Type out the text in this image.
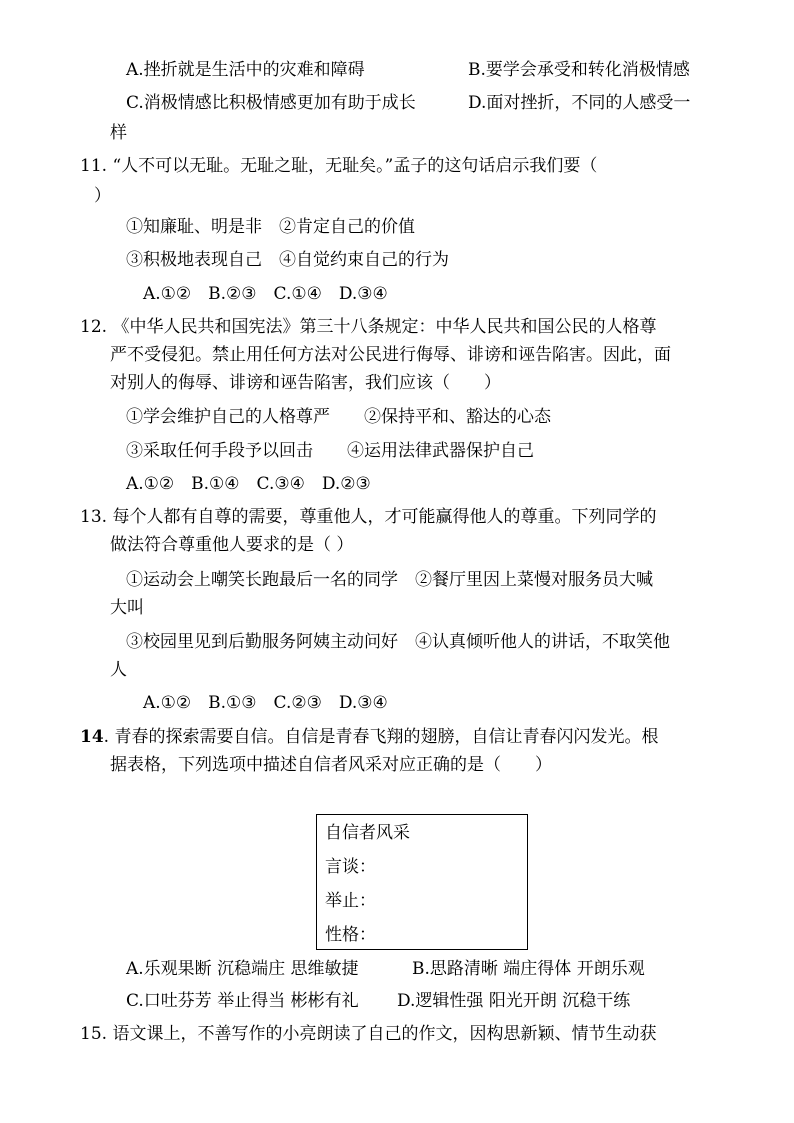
A.挫折就是生活中的灾难和障碍	B.要学会承受和转化消极情感
C.消极情感比积极情感更加有助于成长	D.面对挫折，不同的人感受一
样
11. “人不可以无耻。无耻之耻，无耻矣。”孟子的这句话启示我们要（
）
①知廉耻、明是非　②肯定自己的价值
③积极地表现自己　④自觉约束自己的行为
A.①②　B.②③　C.①④　D.③④
12. 《中华人民共和国宪法》第三十八条规定：中华人民共和国公民的人格尊
严不受侵犯。禁止用任何方法对公民进行侮辱、诽谤和诬告陷害。因此，面
对别人的侮辱、诽谤和诬告陷害，我们应该（　　）
①学会维护自己的人格尊严　　②保持平和、豁达的心态
③采取任何手段予以回击　　④运用法律武器保护自己
A.①②　B.①④　C.③④　D.②③
13. 每个人都有自尊的需要，尊重他人，才可能赢得他人的尊重。下列同学的
做法符合尊重他人要求的是（ ）
①运动会上嘲笑长跑最后一名的同学　②餐厅里因上菜慢对服务员大喊
大叫
③校园里见到后勤服务阿姨主动问好　④认真倾听他人的讲话，不取笑他
人
A.①②　B.①③　C.②③　D.③④
14. 青春的探索需要自信。自信是青春飞翔的翅膀，自信让青春闪闪发光。根
据表格，下列选项中描述自信者风采对应正确的是（　　）
自信者风采
言谈：
举止：
性格：
A.乐观果断 沉稳端庄 思维敏捷	B.思路清晰 端庄得体 开朗乐观
C.口吐芬芳 举止得当 彬彬有礼 D.逻辑性强 阳光开朗 沉稳干练
15. 语文课上，不善写作的小亮朗读了自己的作文，因构思新颖、情节生动获
